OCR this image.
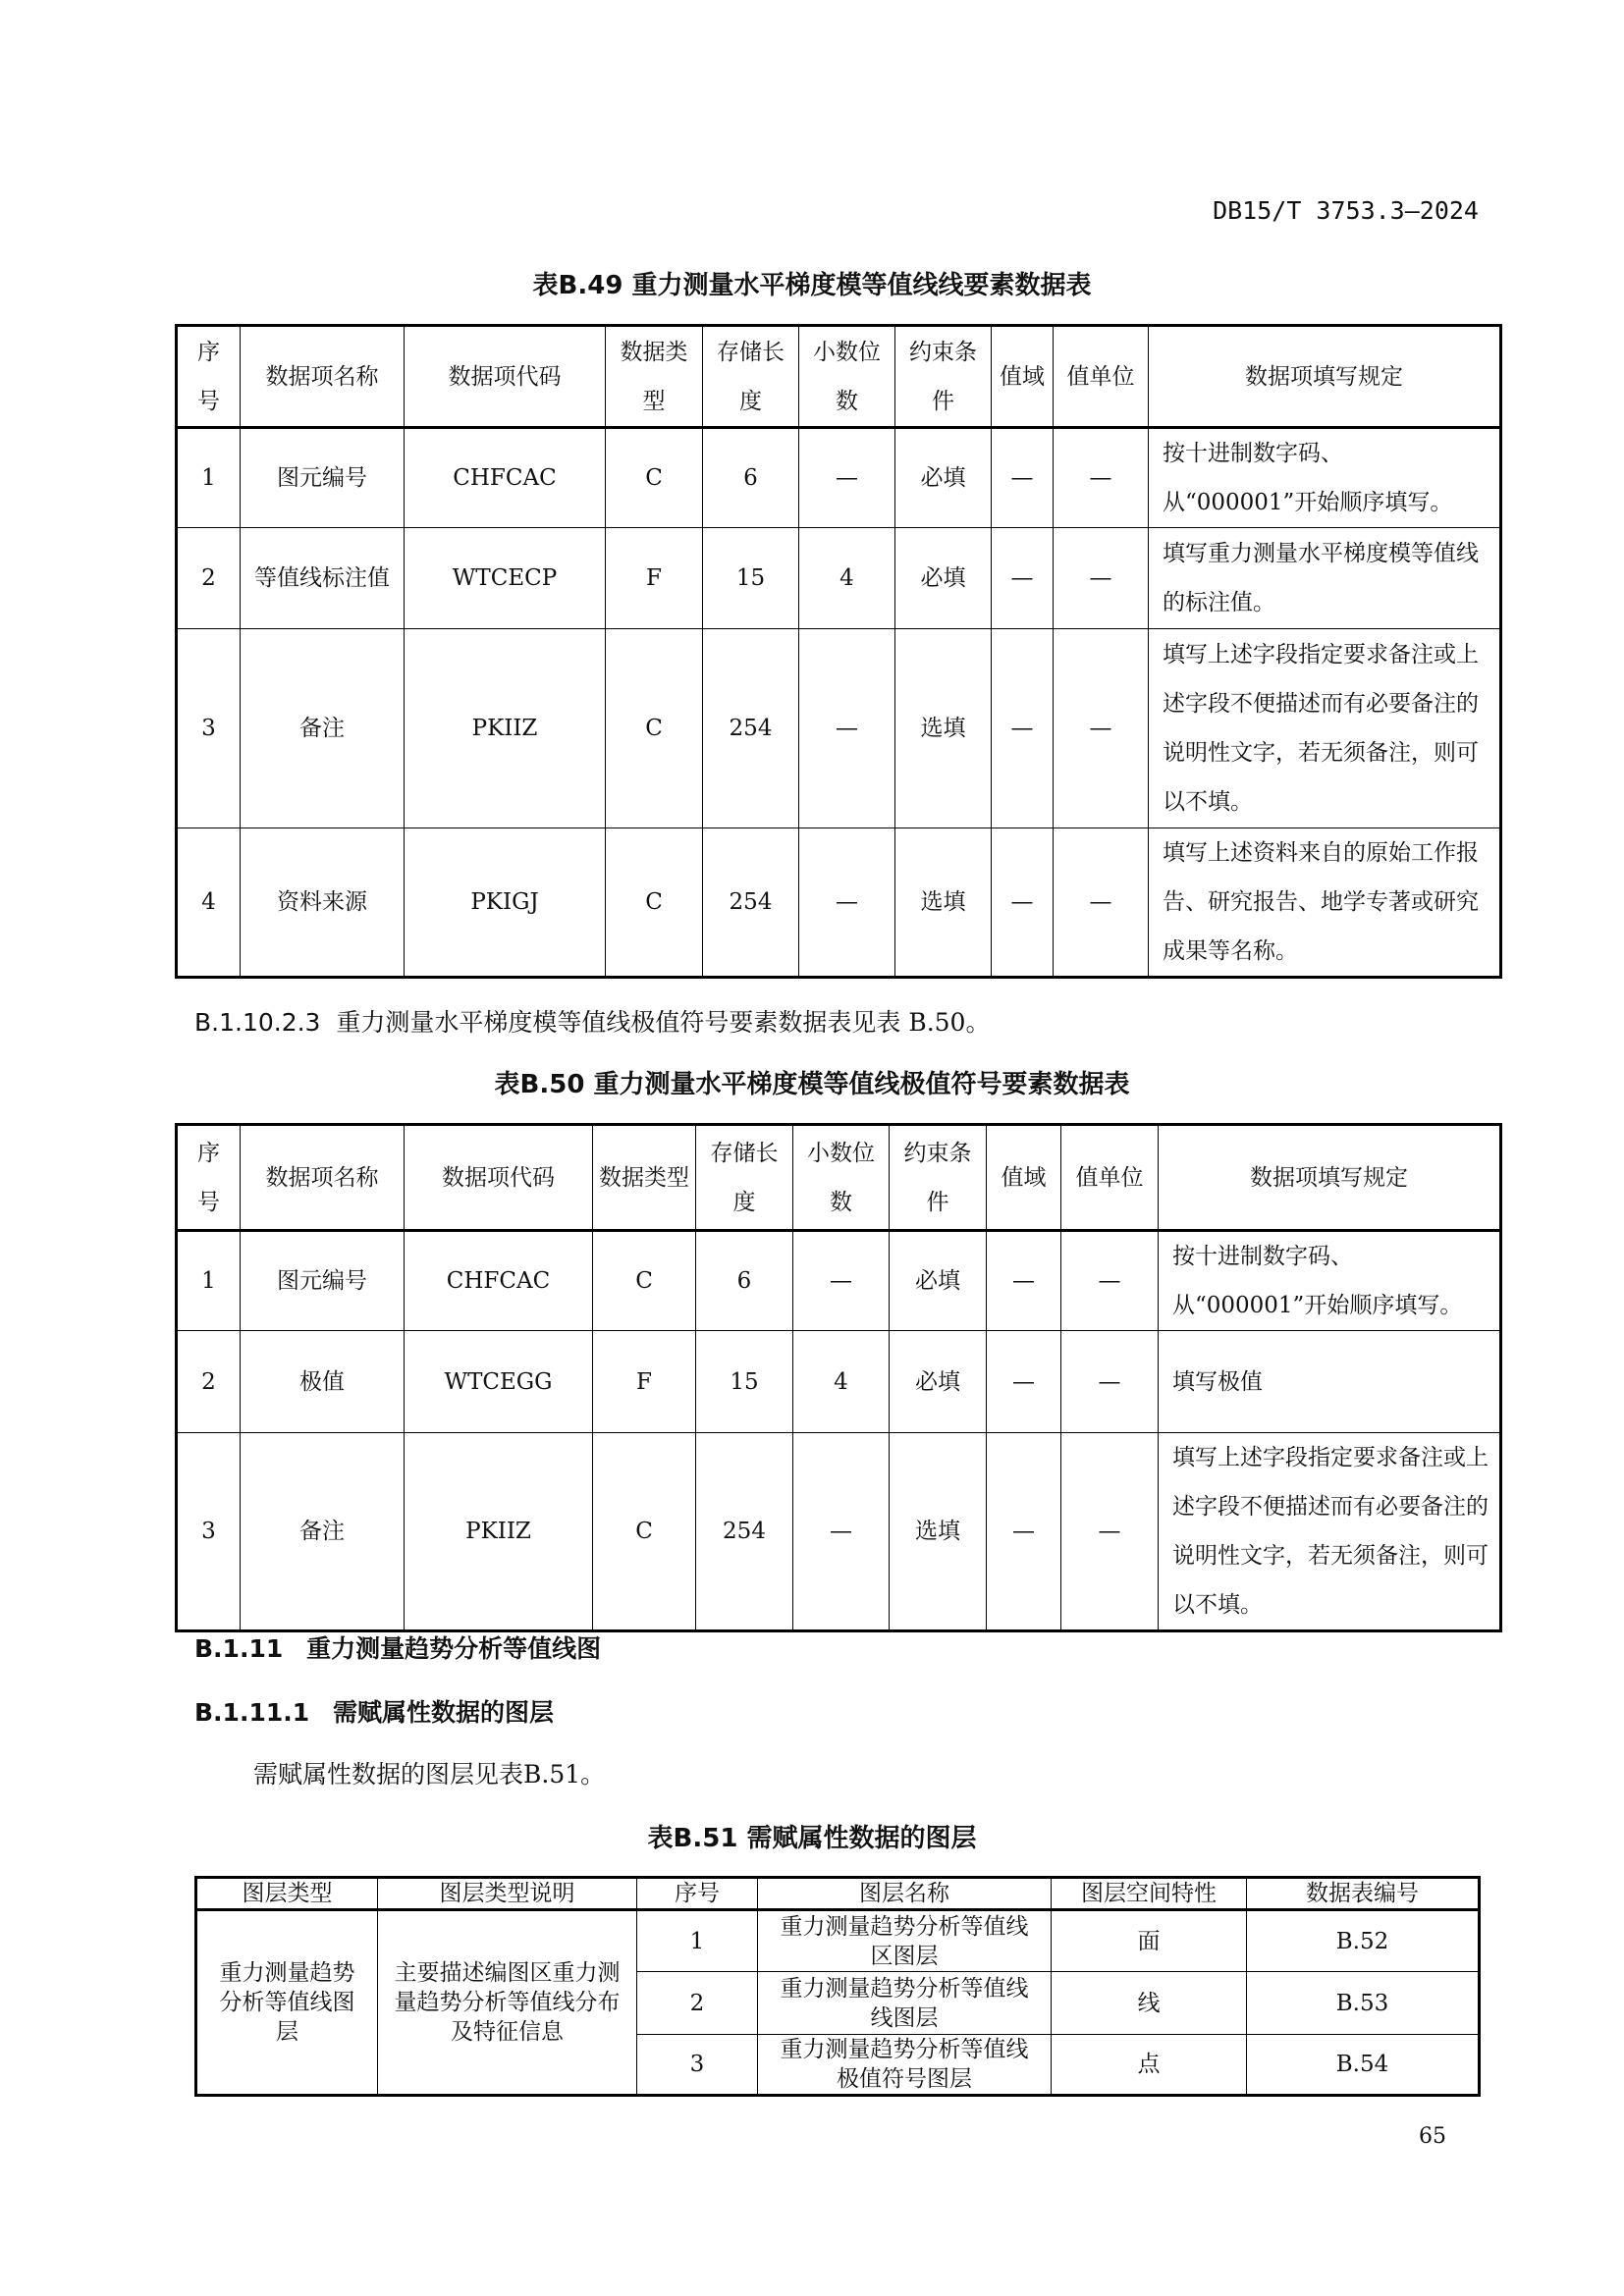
DB15/T 3753.3—2024
表B.49 重力测量水平梯度模等值线线要素数据表
序号	数据项名称	数据项代码	数据类型	存储长度	小数位数	约束条件	值域	值单位	数据项填写规定
1	图元编号	CHFCAC	C	6	—	必填	—	—	按十进制数字码、从“000001”开始顺序填写。
2	等值线标注值	WTCECP	F	15	4	必填	—	—	填写重力测量水平梯度模等值线的标注值。
3	备注	PKIIZ	C	254	—	选填	—	—	填写上述字段指定要求备注或上述字段不便描述而有必要备注的说明性文字，若无须备注，则可以不填。
4	资料来源	PKIGJ	C	254	—	选填	—	—	填写上述资料来自的原始工作报告、研究报告、地学专著或研究成果等名称。
B.1.10.2.3 重力测量水平梯度模等值线极值符号要素数据表见表 B.50。
表B.50 重力测量水平梯度模等值线极值符号要素数据表
序号	数据项名称	数据项代码	数据类型	存储长度	小数位数	约束条件	值域	值单位	数据项填写规定
1	图元编号	CHFCAC	C	6	—	必填	—	—	按十进制数字码、从“000001”开始顺序填写。
2	极值	WTCEGG	F	15	4	必填	—	—	填写极值
3	备注	PKIIZ	C	254	—	选填	—	—	填写上述字段指定要求备注或上述字段不便描述而有必要备注的说明性文字，若无须备注，则可以不填。
B.1.11 重力测量趋势分析等值线图
B.1.11.1 需赋属性数据的图层
需赋属性数据的图层见表B.51。
表B.51 需赋属性数据的图层
图层类型	图层类型说明	序号	图层名称	图层空间特性	数据表编号
重力测量趋势分析等值线图层	主要描述编图区重力测量趋势分析等值线分布及特征信息	1	重力测量趋势分析等值线区图层	面	B.52
		2	重力测量趋势分析等值线线图层	线	B.53
		3	重力测量趋势分析等值线极值符号图层	点	B.54
65
